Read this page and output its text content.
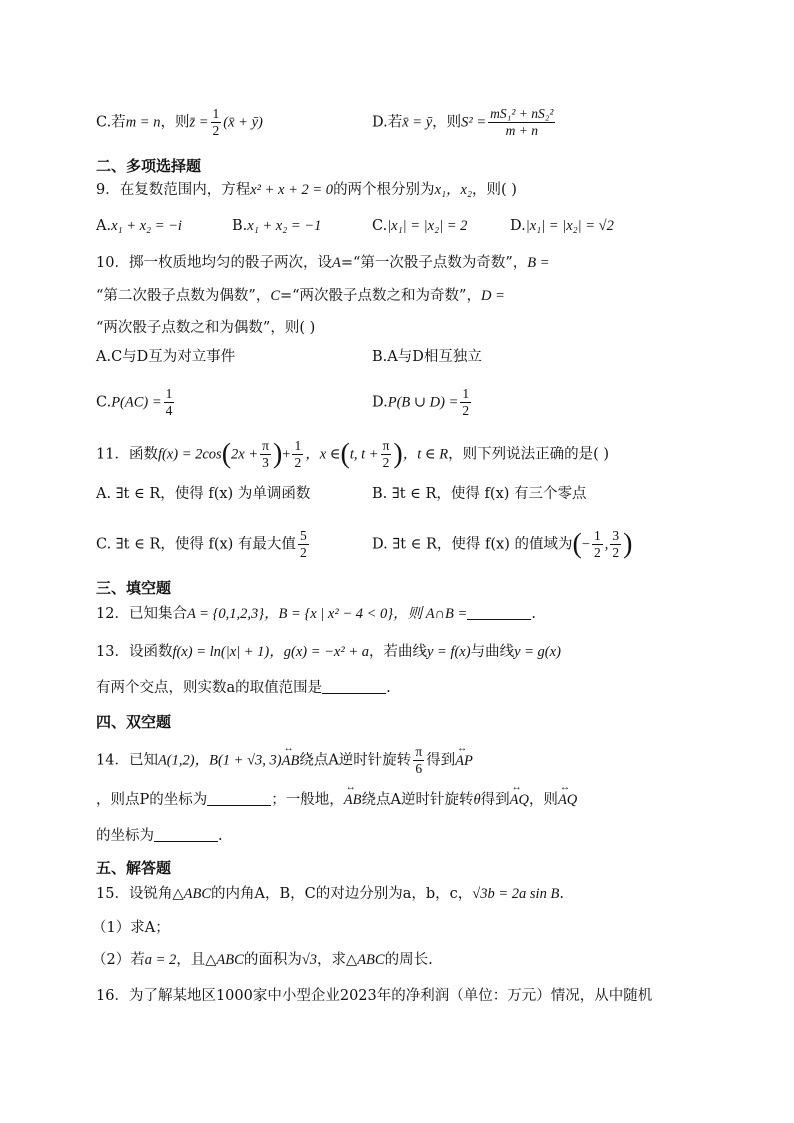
C.若m = n，则z̄ = $\frac{1}{2}$ (x̄ + ȳ)	D.若x̄ = ȳ，则$S^2 = \frac{\text{mS₁² + nS₂²}}{m + n}$
二、多项选择题
9．在复数范围内，方程x² + x + 2 = 0的两个根分别为x₁，x₂，则( )
A.x₁ + x₂ = −i	B.x₁ + x₂ = −1	C.|x₁| = |x₂| = 2	D.|x₁| = |x₂| = √2
10．掷一枚质地均匀的骰子两次，设A=“第一次骰子点数为奇数”，B =
“第二次骰子点数为偶数”，C=“两次骰子点数之和为奇数”，D =
“两次骰子点数之和为偶数”，则( )
A.C与D互为对立事件	B.A与D相互独立
$C.P(AC) = \frac{1}{4}$	D.P(B ∪ $D) = \frac{1}{2}$
11．函数$f(x) = 2\cos(2x + \frac{\pi}{3}$ )+ $\frac{1}{2}$ ，x ∈(t, $t + \frac{\pi}{2}$ )，t ∈ R，则下列说法正确的是( )
A. ∃t ∈ R，使得 f(x) 为单调函数	B. ∃t ∈ R，使得 f(x) 有三个零点
C. ∃t ∈ R，使得 f(x) 有最大值 $\frac{5}{2}$	D. ∃t ∈ R，使得 f(x) 的值域为(− $\frac{1}{2}$ , $\frac{3}{2}$ )
三、填空题
12．已知集合A = {0,1,2,3}，B = {x | x² − 4 < 0}，则 A∩B =	.
13．设函数f(x) = ln(|x| + 1)，g(x) = −x² + a，若曲线y = f(x)与曲线y = g(x)
有两个交点，则实数a的取值范围是	.
四、双空题
14．已知A(1,2)，B(1 + √3, 3)↔ AB绕点A逆时针旋转 $\frac{\pi}{6}$ 得到↔ AP
，则点P的坐标为	；一般地，↔ AB绕点A逆时针旋转θ得到↔ AQ，则↔ AQ
的坐标为	.
五、解答题
15．设锐角△ABC的内角A，B，C的对边分别为a，b，c，√3b = 2a sin B.
（1）求A；
（2）若a = 2，且△ABC的面积为√3，求△ABC的周长.
16．为了解某地区1000家中小型企业2023年的净利润（单位：万元）情况，从中随机
